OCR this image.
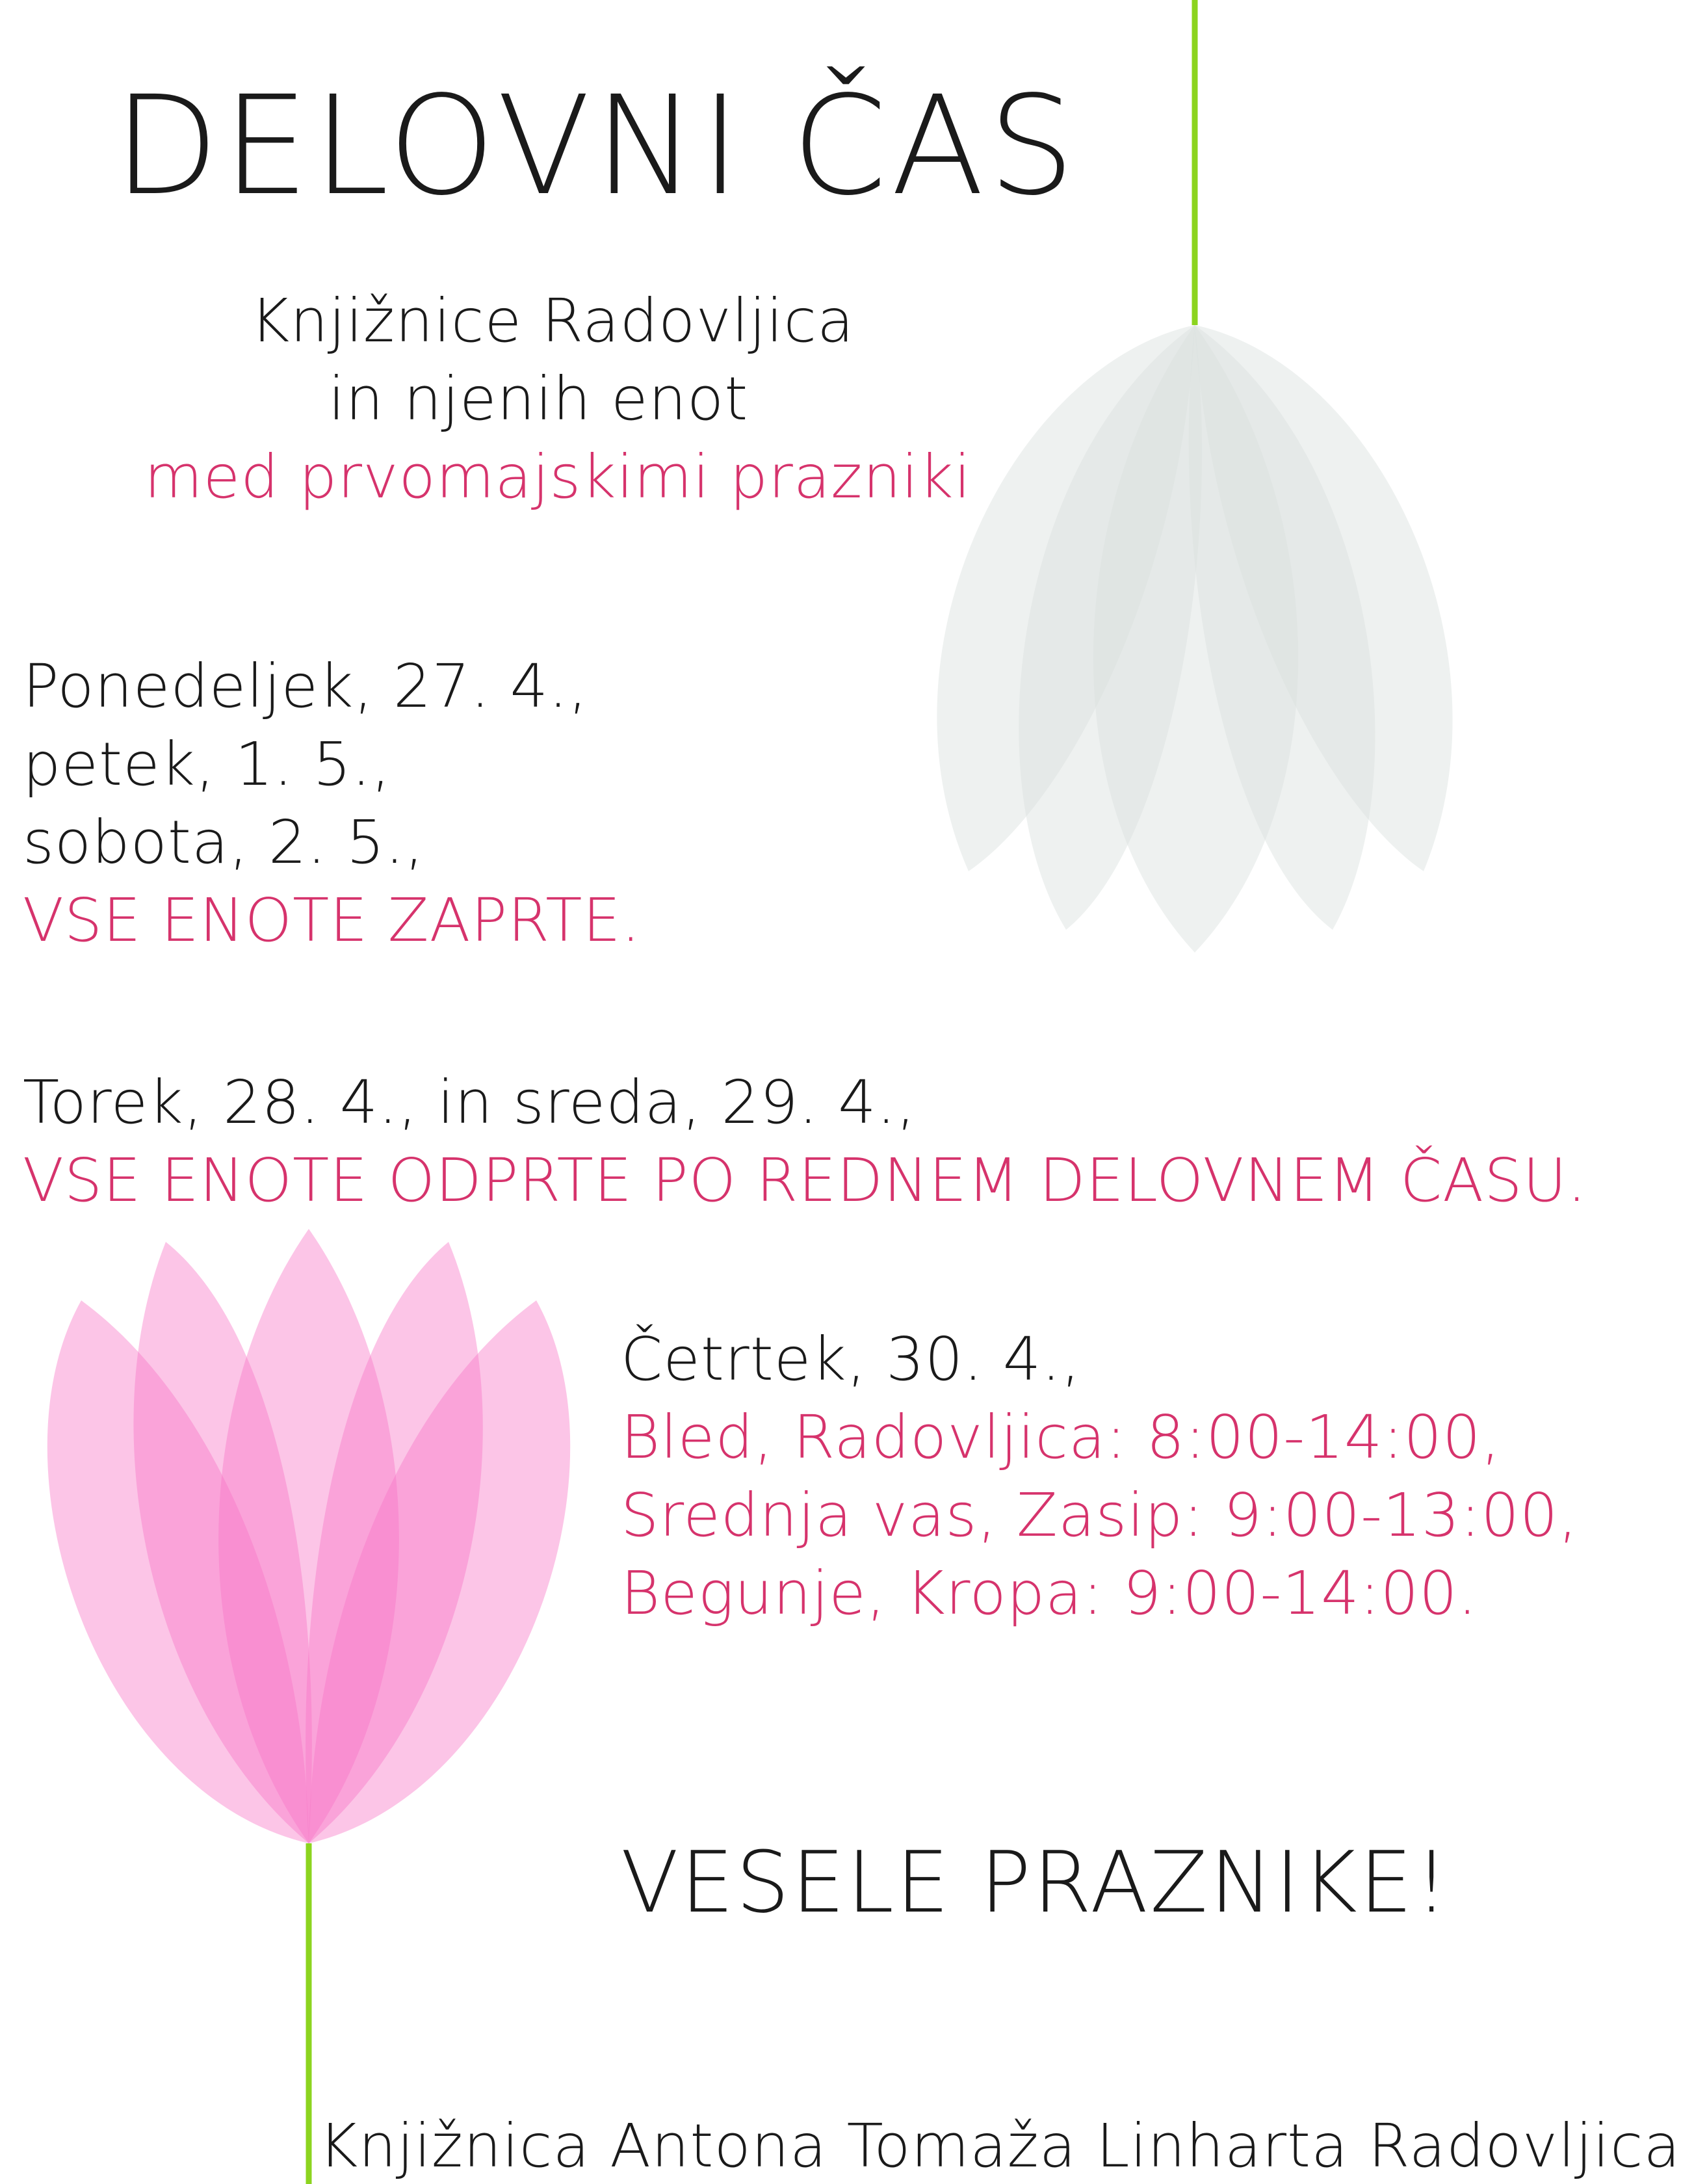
DELOVNI ČAS
Knjižnice Radovljica
in njenih enot
med prvomajskimi prazniki
Ponedeljek, 27. 4.,
petek, 1. 5.,
sobota, 2. 5.,
VSE ENOTE ZAPRTE.
Torek, 28. 4., in sreda, 29. 4.,
VSE ENOTE ODPRTE PO REDNEM DELOVNEM ČASU.
Četrtek, 30. 4.,
Bled, Radovljica: 8:00-14:00,
Srednja vas, Zasip: 9:00-13:00,
Begunje, Kropa: 9:00-14:00.
VESELE PRAZNIKE!
Knjižnica Antona Tomaža Linharta Radovljica
